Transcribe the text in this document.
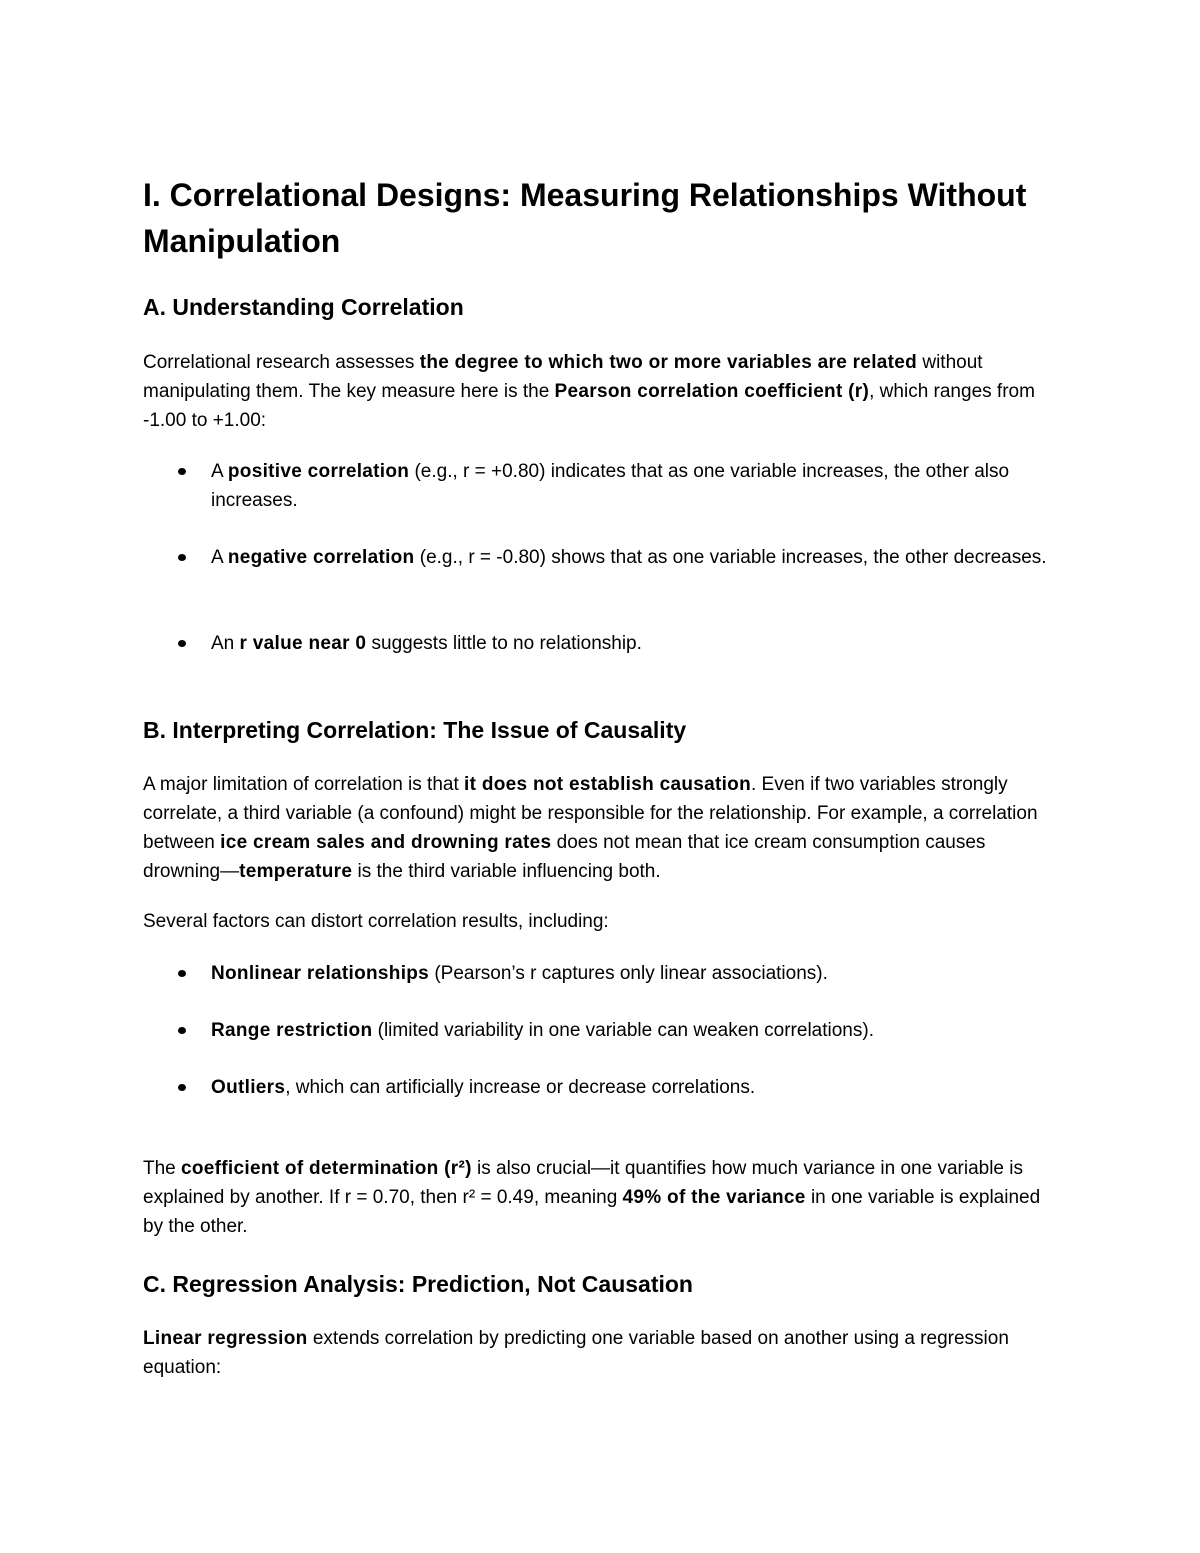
I. Correlational Designs: Measuring Relationships Without Manipulation
A. Understanding Correlation

Correlational research assesses the degree to which two or more variables are related without manipulating them. The key measure here is the Pearson correlation coefficient (r), which ranges from -1.00 to +1.00:

A positive correlation (e.g., r = +0.80) indicates that as one variable increases, the other also increases.
A negative correlation (e.g., r = -0.80) shows that as one variable increases, the other decreases.
An r value near 0 suggests little to no relationship.
B. Interpreting Correlation: The Issue of Causality

A major limitation of correlation is that it does not establish causation. Even if two variables strongly correlate, a third variable (a confound) might be responsible for the relationship. For example, a correlation between ice cream sales and drowning rates does not mean that ice cream consumption causes drowning—temperature is the third variable influencing both.

Several factors can distort correlation results, including:

Nonlinear relationships (Pearson’s r captures only linear associations).
Range restriction (limited variability in one variable can weaken correlations).
Outliers, which can artificially increase or decrease correlations.

The coefficient of determination (r²) is also crucial—it quantifies how much variance in one variable is explained by another. If r = 0.70, then r² = 0.49, meaning 49% of the variance in one variable is explained by the other.

C. Regression Analysis: Prediction, Not Causation

Linear regression extends correlation by predicting one variable based on another using a regression equation:
